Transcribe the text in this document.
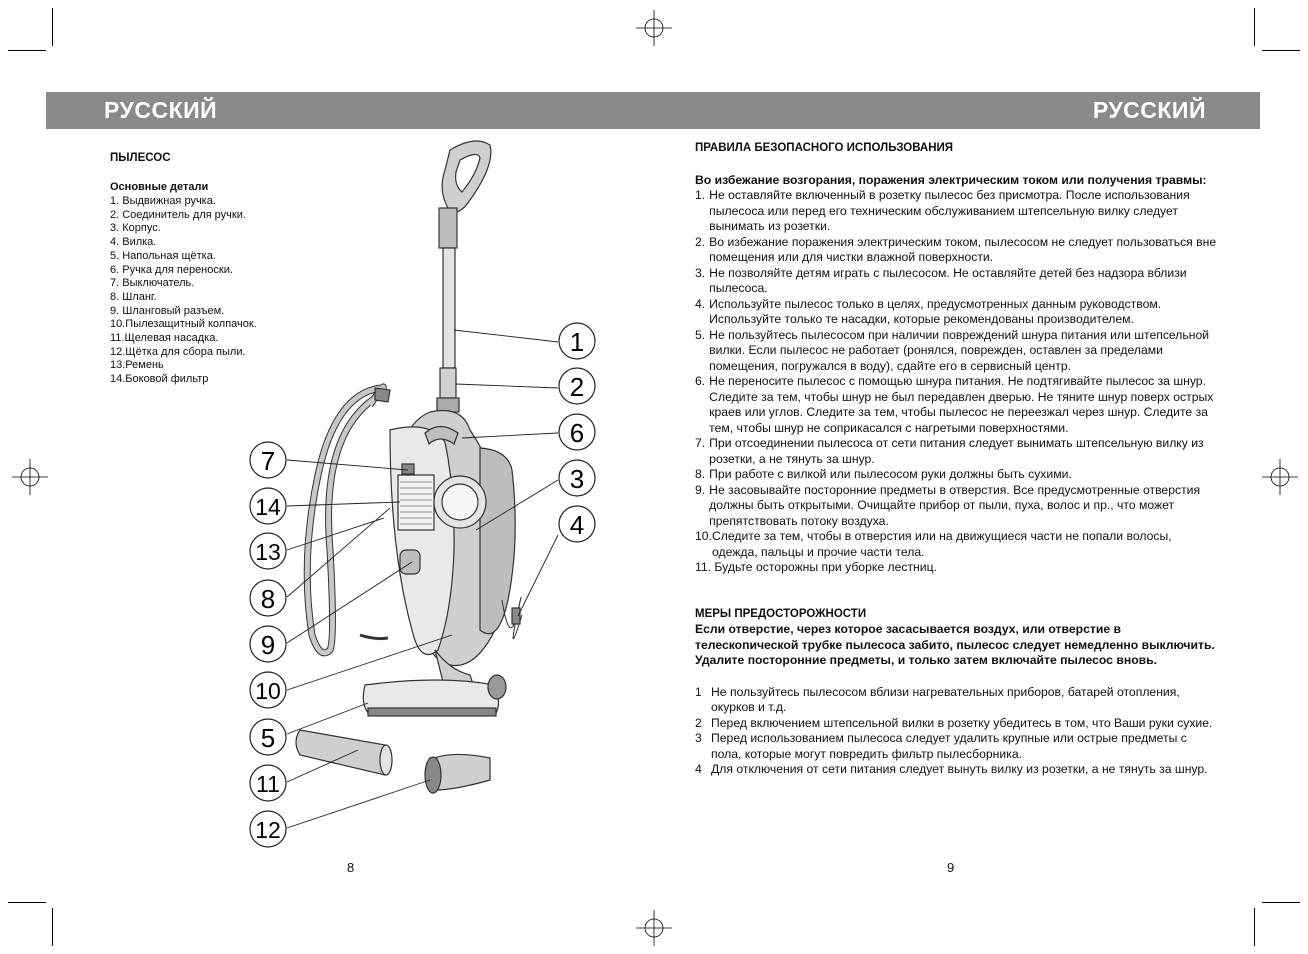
РУССКИЙ	РУССКИЙ
ПЫЛЕСОС
Основные детали
1. Выдвижная ручка.
2. Соединитель для ручки.
3. Корпус.
4. Вилка.
5. Напольная щётка.
6. Ручка для переноски.
7. Выключатель.
8. Шланг.
9. Шланговый разъем.
10.Пылезащитный колпачок.
11.Щелевая насадка.
12.Щётка для сбора пыли.
13.Ремень
14.Боковой фильтр
1
2
6
3
4
7
14
13
8
9
10
5
11
12
8
ПРАВИЛА БЕЗОПАСНОГО ИСПОЛЬЗОВАНИЯ
Во избежание возгорания, поражения электрическим током или получения травмы:
1. Не оставляйте включенный в розетку пылесос без присмотра. После использования пылесоса или перед его техническим обслуживанием штепсельную вилку следует вынимать из розетки.
2. Во избежание поражения электрическим током, пылесосом не следует пользоваться вне помещения или для чистки влажной поверхности.
3. Не позволяйте детям играть с пылесосом. Не оставляйте детей без надзора вблизи пылесоса.
4. Используйте пылесос только в целях, предусмотренных данным руководством. Используйте только те насадки, которые рекомендованы производителем.
5. Не пользуйтесь пылесосом при наличии повреждений шнура питания или штепсельной вилки. Если пылесос не работает (ронялся, поврежден, оставлен за пределами помещения, погружался в воду), сдайте его в сервисный центр.
6. Не переносите пылесос с помощью шнура питания. Не подтягивайте пылесос за шнур. Следите за тем, чтобы шнур не был передавлен дверью. Не тяните шнур поверх острых краев или углов. Следите за тем, чтобы пылесос не переезжал через шнур. Следите за тем, чтобы шнур не соприкасался с нагретыми поверхностями.
7. При отсоединении пылесоса от сети питания следует вынимать штепсельную вилку из розетки, а не тянуть за шнур.
8. При работе с вилкой или пылесосом руки должны быть сухими.
9. Не засовывайте посторонние предметы в отверстия. Все предусмотренные отверстия должны быть открытыми. Очищайте прибор от пыли, пуха, волос и пр., что может препятствовать потоку воздуха.
10. Следите за тем, чтобы в отверстия или на движущиеся части не попали волосы, одежда, пальцы и прочие части тела.
11. Будьте осторожны при уборке лестниц.
МЕРЫ ПРЕДОСТОРОЖНОСТИ
Если отверстие, через которое засасывается воздух, или отверстие в телескопической трубке пылесоса забито, пылесос следует немедленно выключить. Удалите посторонние предметы, и только затем включайте пылесос вновь.
1 Не пользуйтесь пылесосом вблизи нагревательных приборов, батарей отопления, окурков и т.д.
2 Перед включением штепсельной вилки в розетку убедитесь в том, что Ваши руки сухие.
3 Перед использованием пылесоса следует удалить крупные или острые предметы с пола, которые могут повредить фильтр пылесборника.
4 Для отключения от сети питания следует вынуть вилку из розетки, а не тянуть за шнур.
9
